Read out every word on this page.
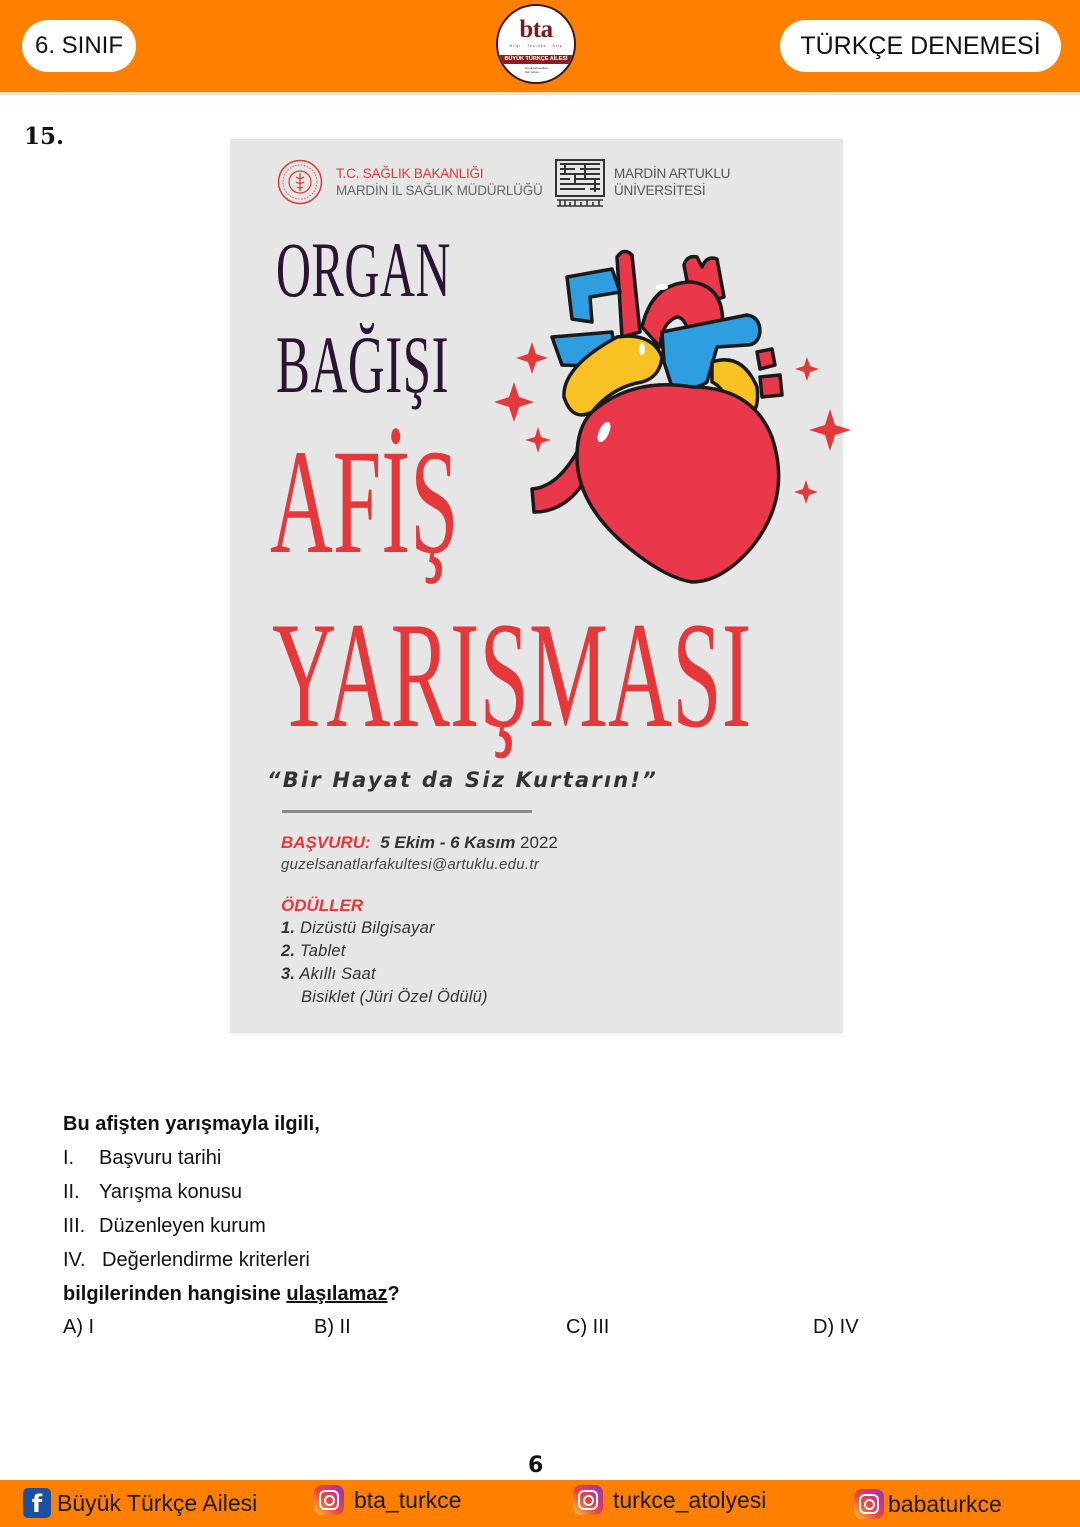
6. SINIF
bta
Bilgi - Tecrübe - Ariş
BÜYÜK TÜRKÇE AİLESİ
buyukturkceailesi
bta_turkce
TÜRKÇE DENEMESİ
15.
T.C. SAĞLIK BAKANLIĞI
MARDİN İL SAĞLIK MÜDÜRLÜĞÜ
MARDİN ARTUKLU
ÜNİVERSİTESİ
ORGAN
BAĞIŞI
AFİŞ
YARIŞMASI
“Bir Hayat da Siz Kurtarın!”
BAŞVURU: 5 Ekim - 6 Kasım 2022
guzelsanatlarfakultesi@artuklu.edu.tr
ÖDÜLLER
1. Dizüstü Bilgisayar
2. Tablet
3. Akıllı Saat
Bisiklet (Jüri Özel Ödülü)
Bu afişten yarışmayla ilgili,
I. Başvuru tarihi
II. Yarışma konusu
III. Düzenleyen kurum
IV. Değerlendirme kriterleri
bilgilerinden hangisine ulaşılamaz?
A) I	B) II	C) III	D) IV
6
f Büyük Türkçe Ailesi	bta_turkce	turkce_atolyesi	babaturkce
